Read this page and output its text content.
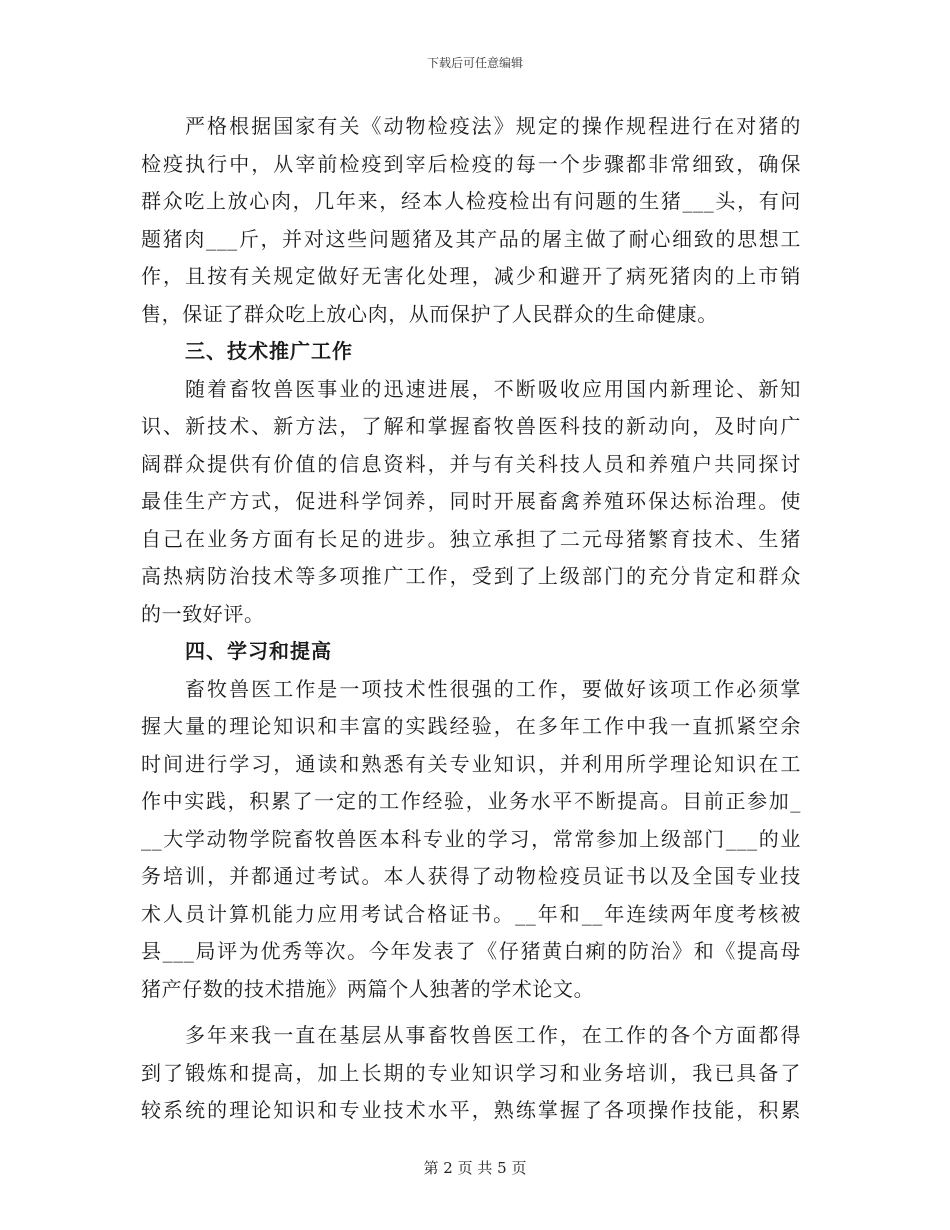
下载后可任意编辑
严格根据国家有关《动物检疫法》规定的操作规程进行在对猪的
检疫执行中，从宰前检疫到宰后检疫的每一个步骤都非常细致，确保
群众吃上放心肉，几年来，经本人检疫检出有问题的生猪___头，有问
题猪肉___斤，并对这些问题猪及其产品的屠主做了耐心细致的思想工
作，且按有关规定做好无害化处理，减少和避开了病死猪肉的上市销
售，保证了群众吃上放心肉，从而保护了人民群众的生命健康。
三、技术推广工作
随着畜牧兽医事业的迅速进展，不断吸收应用国内新理论、新知
识、新技术、新方法，了解和掌握畜牧兽医科技的新动向，及时向广
阔群众提供有价值的信息资料，并与有关科技人员和养殖户共同探讨
最佳生产方式，促进科学饲养，同时开展畜禽养殖环保达标治理。使
自己在业务方面有长足的进步。独立承担了二元母猪繁育技术、生猪
高热病防治技术等多项推广工作，受到了上级部门的充分肯定和群众
的一致好评。
四、学习和提高
畜牧兽医工作是一项技术性很强的工作，要做好该项工作必须掌
握大量的理论知识和丰富的实践经验，在多年工作中我一直抓紧空余
时间进行学习，通读和熟悉有关专业知识，并利用所学理论知识在工
作中实践，积累了一定的工作经验，业务水平不断提高。目前正参加_
__大学动物学院畜牧兽医本科专业的学习，常常参加上级部门___的业
务培训，并都通过考试。本人获得了动物检疫员证书以及全国专业技
术人员计算机能力应用考试合格证书。__年和__年连续两年度考核被
县___局评为优秀等次。今年发表了《仔猪黄白痢的防治》和《提高母
猪产仔数的技术措施》两篇个人独著的学术论文。
多年来我一直在基层从事畜牧兽医工作，在工作的各个方面都得
到了锻炼和提高，加上长期的专业知识学习和业务培训，我已具备了
较系统的理论知识和专业技术水平，熟练掌握了各项操作技能，积累
第 2 页 共 5 页
